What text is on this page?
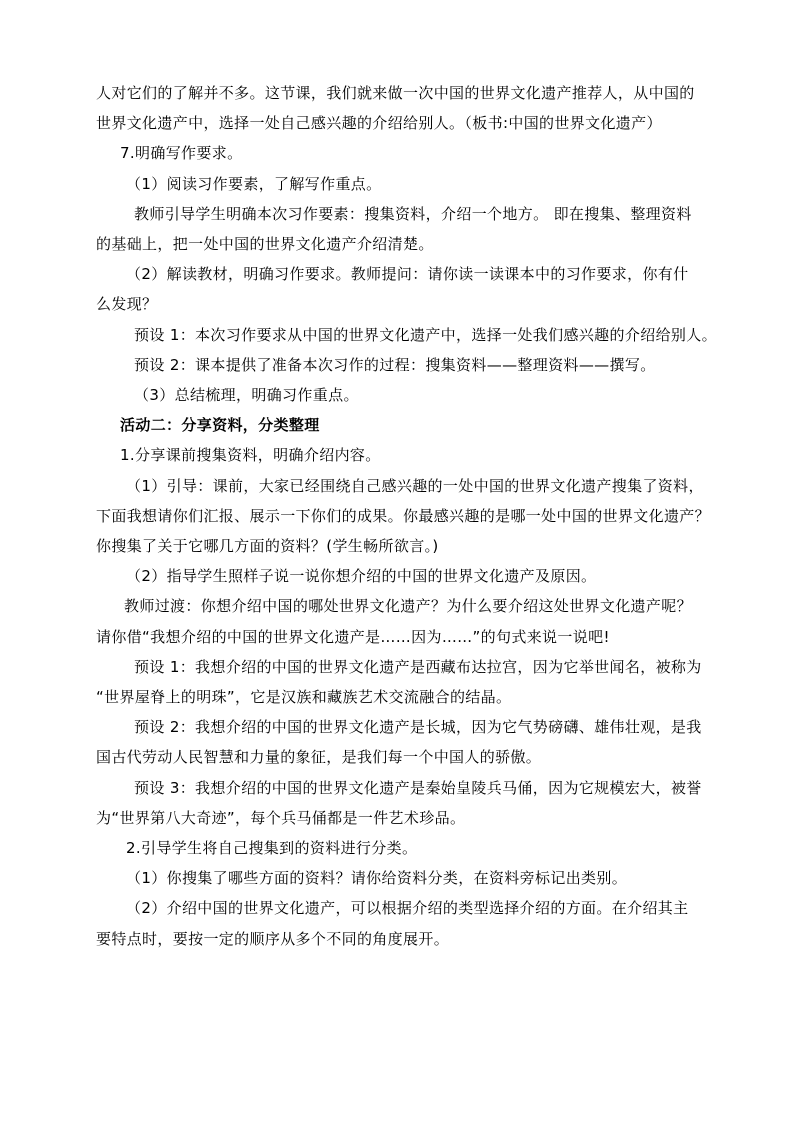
人对它们的了解并不多。这节课，我们就来做一次中国的世界文化遗产推荐人，从中国的

世界文化遗产中，选择一处自己感兴趣的介绍给别人。（板书:中国的世界文化遗产）

7.明确写作要求。

（1）阅读习作要素，了解写作重点。

教师引导学生明确本次习作要素：搜集资料，介绍一个地方。 即在搜集、整理资料

的基础上，把一处中国的世界文化遗产介绍清楚。

（2）解读教材，明确习作要求。教师提问：请你读一读课本中的习作要求，你有什

么发现？

预设 1：本次习作要求从中国的世界文化遗产中，选择一处我们感兴趣的介绍给别人。

预设 2：课本提供了准备本次习作的过程：搜集资料——整理资料——撰写。

（3）总结梳理，明确习作重点。

活动二：分享资料，分类整理

1.分享课前搜集资料，明确介绍内容。

（1）引导：课前，大家已经围绕自己感兴趣的一处中国的世界文化遗产搜集了资料，

下面我想请你们汇报、展示一下你们的成果。你最感兴趣的是哪一处中国的世界文化遗产？

你搜集了关于它哪几方面的资料？(学生畅所欲言。)

（2）指导学生照样子说一说你想介绍的中国的世界文化遗产及原因。

教师过渡：你想介绍中国的哪处世界文化遗产？为什么要介绍这处世界文化遗产呢？

请你借“我想介绍的中国的世界文化遗产是……因为……”的句式来说一说吧!

预设 1：我想介绍的中国的世界文化遗产是西藏布达拉宫，因为它举世闻名，被称为

“世界屋脊上的明珠”，它是汉族和藏族艺术交流融合的结晶。

预设 2：我想介绍的中国的世界文化遗产是长城，因为它气势磅礴、雄伟壮观，是我

国古代劳动人民智慧和力量的象征，是我们每一个中国人的骄傲。

预设 3：我想介绍的中国的世界文化遗产是秦始皇陵兵马俑，因为它规模宏大，被誉

为“世界第八大奇迹”，每个兵马俑都是一件艺术珍品。

2.引导学生将自己搜集到的资料进行分类。

（1）你搜集了哪些方面的资料？请你给资料分类，在资料旁标记出类别。

（2）介绍中国的世界文化遗产，可以根据介绍的类型选择介绍的方面。在介绍其主

要特点时，要按一定的顺序从多个不同的角度展开。
